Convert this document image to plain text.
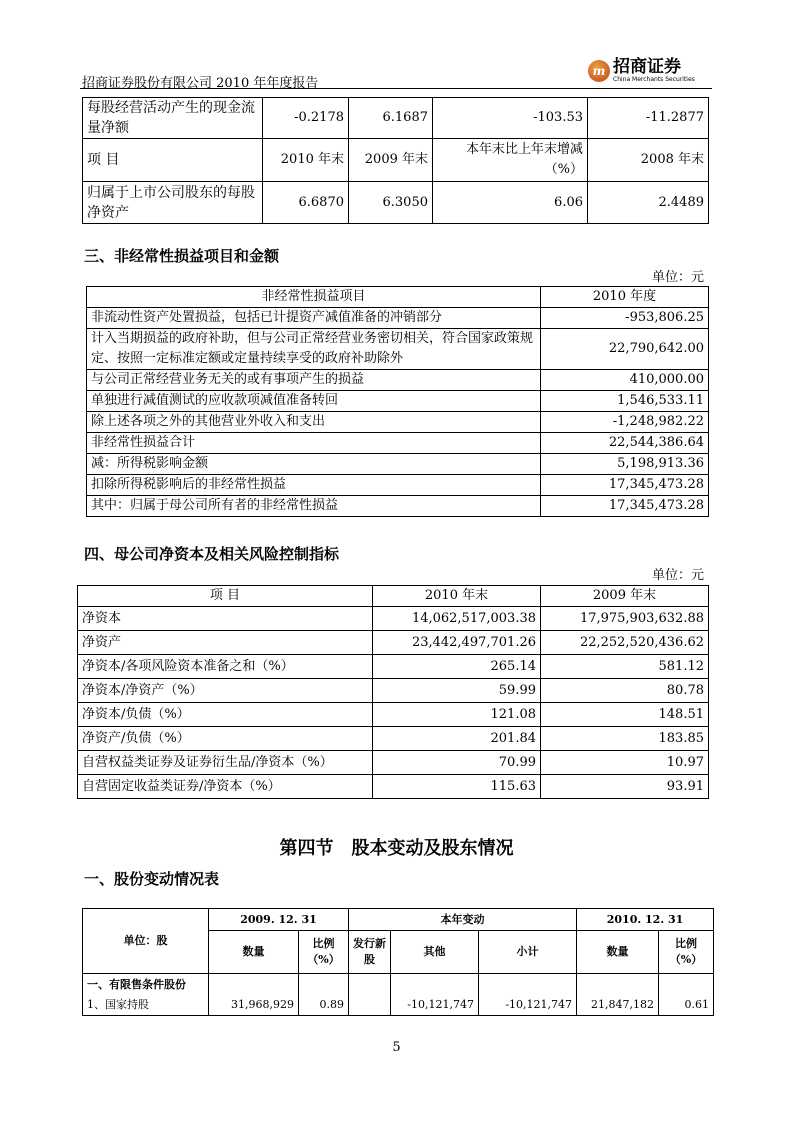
招商证券股份有限公司 2010 年年度报告
m 招商证券
China Merchants Securities
每股经营活动产生的现金流量净额	-0.2178	6.1687	-103.53	-11.2877
项 目	2010 年末	2009 年末	本年末比上年末增减（%）	2008 年末
归属于上市公司股东的每股净资产	6.6870	6.3050	6.06	2.4489
三、非经常性损益项目和金额
单位：元
非经常性损益项目	2010 年度
非流动性资产处置损益，包括已计提资产减值准备的冲销部分	-953,806.25
计入当期损益的政府补助，但与公司正常经营业务密切相关，符合国家政策规定、按照一定标准定额或定量持续享受的政府补助除外	22,790,642.00
与公司正常经营业务无关的或有事项产生的损益	410,000.00
单独进行减值测试的应收款项减值准备转回	1,546,533.11
除上述各项之外的其他营业外收入和支出	-1,248,982.22
非经常性损益合计	22,544,386.64
减：所得税影响金额	5,198,913.36
扣除所得税影响后的非经常性损益	17,345,473.28
其中：归属于母公司所有者的非经常性损益	17,345,473.28
四、母公司净资本及相关风险控制指标
单位：元
项 目	2010 年末	2009 年末
净资本	14,062,517,003.38	17,975,903,632.88
净资产	23,442,497,701.26	22,252,520,436.62
净资本/各项风险资本准备之和（%）	265.14	581.12
净资本/净资产（%）	59.99	80.78
净资本/负债（%）	121.08	148.51
净资产/负债（%）	201.84	183.85
自营权益类证券及证券衍生品/净资本（%）	70.99	10.97
自营固定收益类证券/净资本（%）	115.63	93.91
第四节　股本变动及股东情况
一、股份变动情况表
单位：股	2009. 12. 31		本年变动			2010. 12. 31	
	数量	比例（%）	发行新股	其他	小计	数量	比例（%）
一、有限售条件股份							
1、国家持股	31,968,929	0.89		-10,121,747	-10,121,747	21,847,182	0.61
5
